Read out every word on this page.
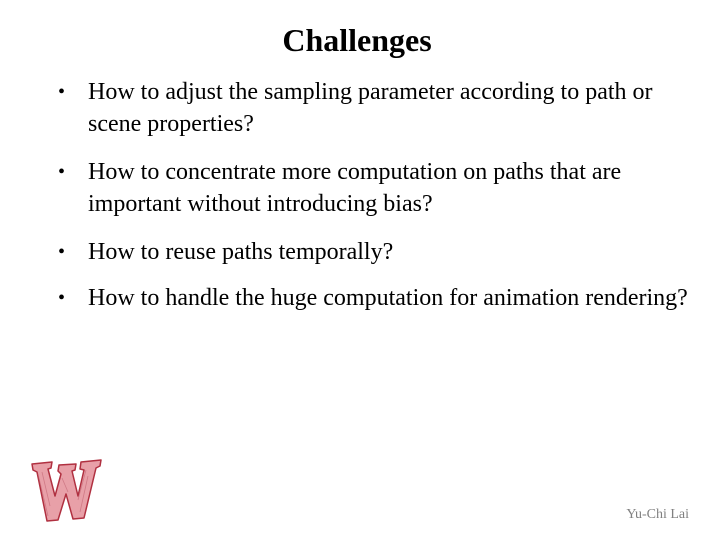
Challenges
• How to adjust the sampling parameter according to path or scene properties?
• How to concentrate more computation on paths that are important without introducing bias?
• How to reuse paths temporally?
• How to handle the huge computation for animation rendering?
Yu-Chi Lai
